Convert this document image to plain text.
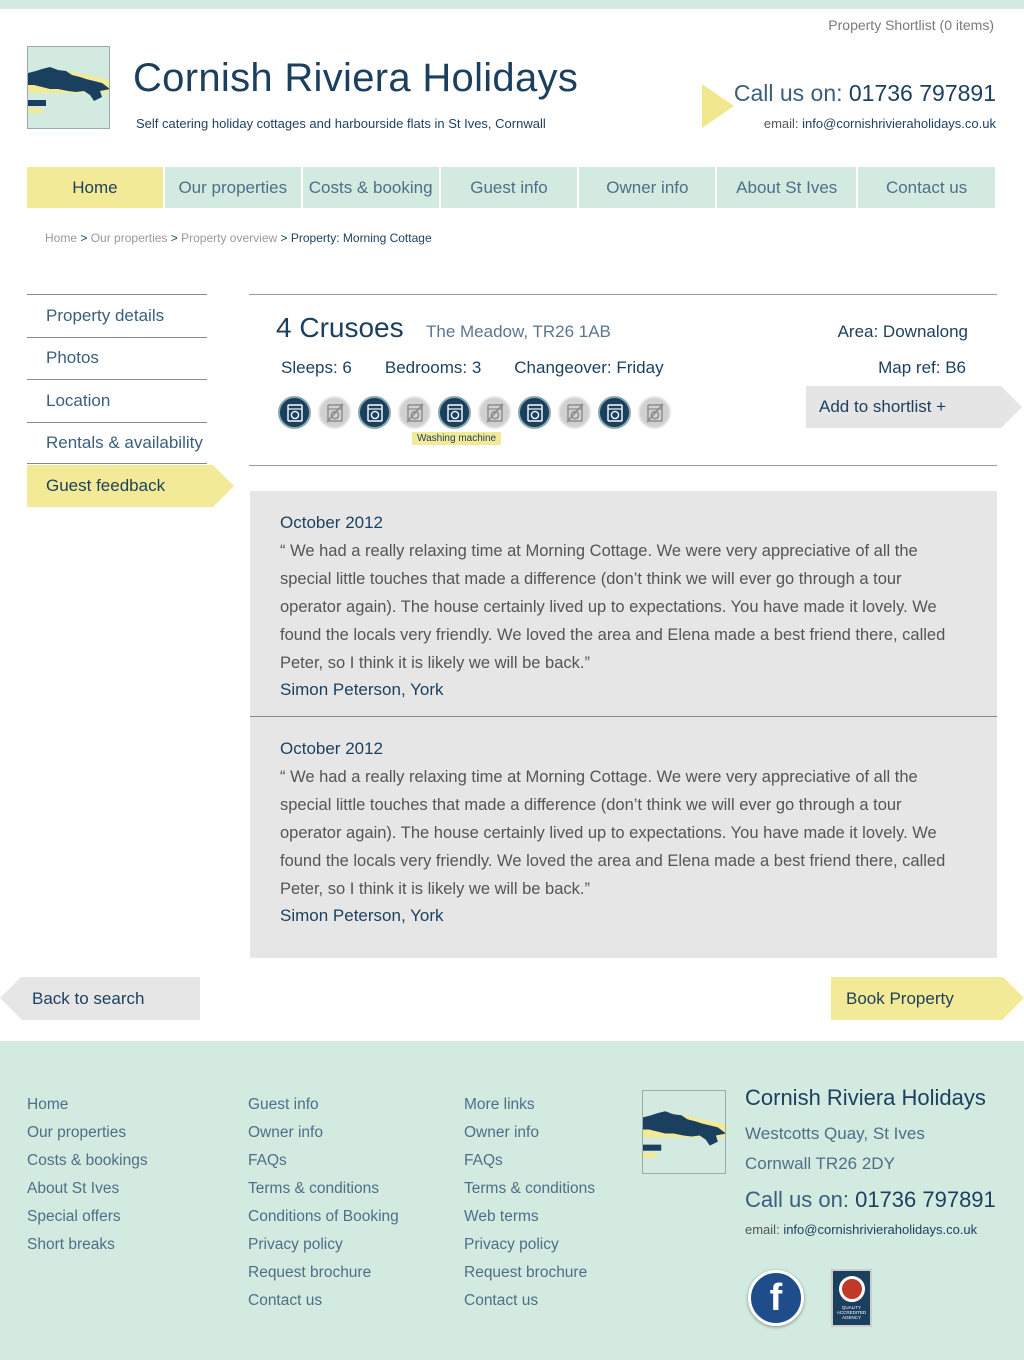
Property Shortlist (0 items)
Cornish Riviera Holidays
Self catering holiday cottages and harbourside flats in St Ives, Cornwall
Call us on: 01736 797891
email: info@cornishrivieraholidays.co.uk
Home	Our properties	Costs & booking	Guest info	Owner info	About St Ives	Contact us
Home > Our properties > Property overview > Property: Morning Cottage
Property details
Photos
Location
Rentals & availability
Guest feedback
4 Crusoes The Meadow, TR26 1AB
Sleeps: 6 Bedrooms: 3 Changeover: Friday
Area: Downalong
Map ref: B6
Washing machine
Add to shortlist +
October 2012
“ We had a really relaxing time at Morning Cottage. We were very appreciative of all the special little touches that made a difference (don’t think we will ever go through a tour operator again). The house certainly lived up to expectations. You have made it lovely. We found the locals very friendly. We loved the area and Elena made a best friend there, called Peter, so I think it is likely we will be back.”
Simon Peterson, York
October 2012
“ We had a really relaxing time at Morning Cottage. We were very appreciative of all the special little touches that made a difference (don’t think we will ever go through a tour operator again). The house certainly lived up to expectations. You have made it lovely. We found the locals very friendly. We loved the area and Elena made a best friend there, called Peter, so I think it is likely we will be back.”
Simon Peterson, York
Back to search	Book Property
Home
Our properties
Costs & bookings
About St Ives
Special offers
Short breaks
Guest info
Owner info
FAQs
Terms & conditions
Conditions of Booking
Privacy policy
Request brochure
Contact us
More links
Owner info
FAQs
Terms & conditions
Web terms
Privacy policy
Request brochure
Contact us
Cornish Riviera Holidays
Westcotts Quay, St Ives
Cornwall TR26 2DY
Call us on: 01736 797891
email: info@cornishrivieraholidays.co.uk
f	QUALITY ACCREDITED AGENCY
